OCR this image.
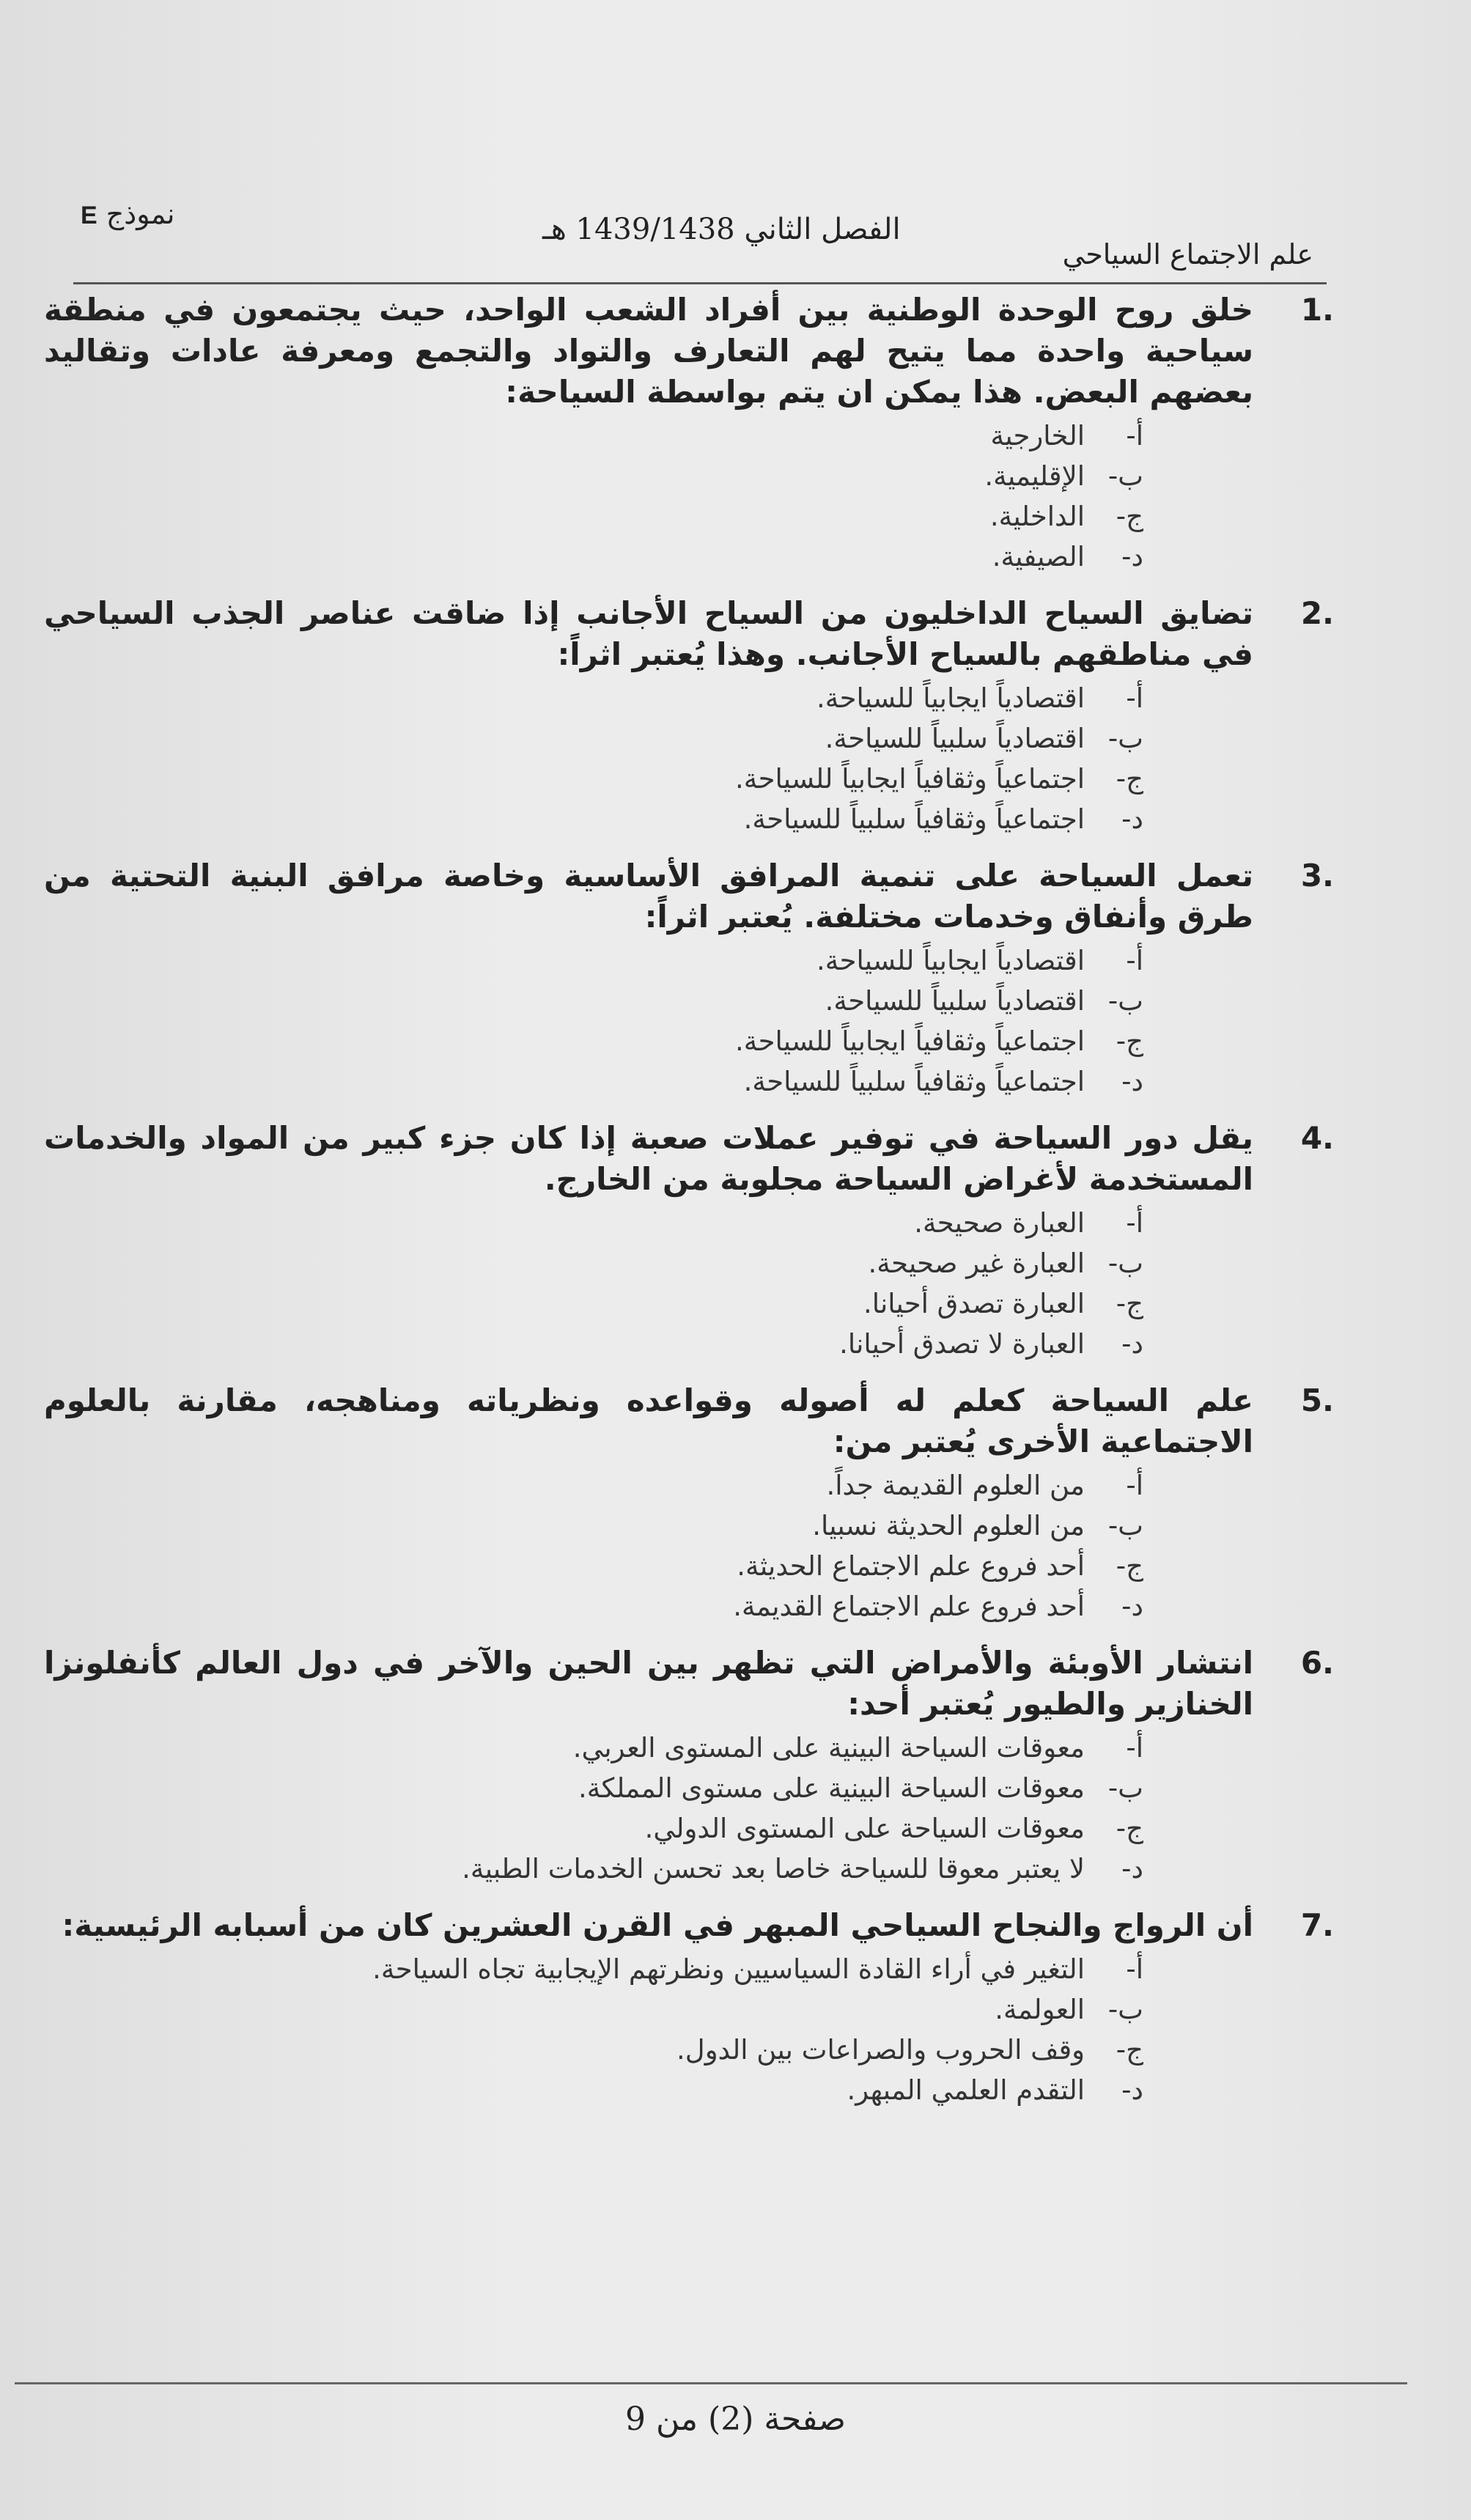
علم الاجتماع السياحي
الفصل الثاني 1439/1438 هـ
نموذج E
1.
خلق روح الوحدة الوطنية بين أفراد الشعب الواحد، حيث يجتمعون في منطقة سياحية واحدة مما يتيح لهم التعارف والتواد والتجمع ومعرفة عادات وتقاليد بعضهم البعض. هذا يمكن ان يتم بواسطة السياحة:
أ-
الخارجية
ب-
الإقليمية.
ج-
الداخلية.
د-
الصيفية.
2.
تضايق السياح الداخليون من السياح الأجانب إذا ضاقت عناصر الجذب السياحي في مناطقهم بالسياح الأجانب. وهذا يُعتبر اثراً:
أ-
اقتصادياً ايجابياً للسياحة.
ب-
اقتصادياً سلبياً للسياحة.
ج-
اجتماعياً وثقافياً ايجابياً للسياحة.
د-
اجتماعياً وثقافياً سلبياً للسياحة.
3.
تعمل السياحة على تنمية المرافق الأساسية وخاصة مرافق البنية التحتية من طرق وأنفاق وخدمات مختلفة. يُعتبر اثراً:
أ-
اقتصادياً ايجابياً للسياحة.
ب-
اقتصادياً سلبياً للسياحة.
ج-
اجتماعياً وثقافياً ايجابياً للسياحة.
د-
اجتماعياً وثقافياً سلبياً للسياحة.
4.
يقل دور السياحة في توفير عملات صعبة إذا كان جزء كبير من المواد والخدمات المستخدمة لأغراض السياحة مجلوبة من الخارج.
أ-
العبارة صحيحة.
ب-
العبارة غير صحيحة.
ج-
العبارة تصدق أحيانا.
د-
العبارة لا تصدق أحيانا.
5.
علم السياحة كعلم له أصوله وقواعده ونظرياته ومناهجه، مقارنة بالعلوم الاجتماعية الأخرى يُعتبر من:
أ-
من العلوم القديمة جداً.
ب-
من العلوم الحديثة نسبيا.
ج-
أحد فروع علم الاجتماع الحديثة.
د-
أحد فروع علم الاجتماع القديمة.
6.
انتشار الأوبئة والأمراض التي تظهر بين الحين والآخر في دول العالم كأنفلونزا الخنازير والطيور يُعتبر أحد:
أ-
معوقات السياحة البينية على المستوى العربي.
ب-
معوقات السياحة البينية على مستوى المملكة.
ج-
معوقات السياحة على المستوى الدولي.
د-
لا يعتبر معوقا للسياحة خاصا بعد تحسن الخدمات الطبية.
7.
أن الرواج والنجاح السياحي المبهر في القرن العشرين كان من أسبابه الرئيسية:
أ-
التغير في أراء القادة السياسيين ونظرتهم الإيجابية تجاه السياحة.
ب-
العولمة.
ج-
وقف الحروب والصراعات بين الدول.
د-
التقدم العلمي المبهر.
صفحة (2) من 9
